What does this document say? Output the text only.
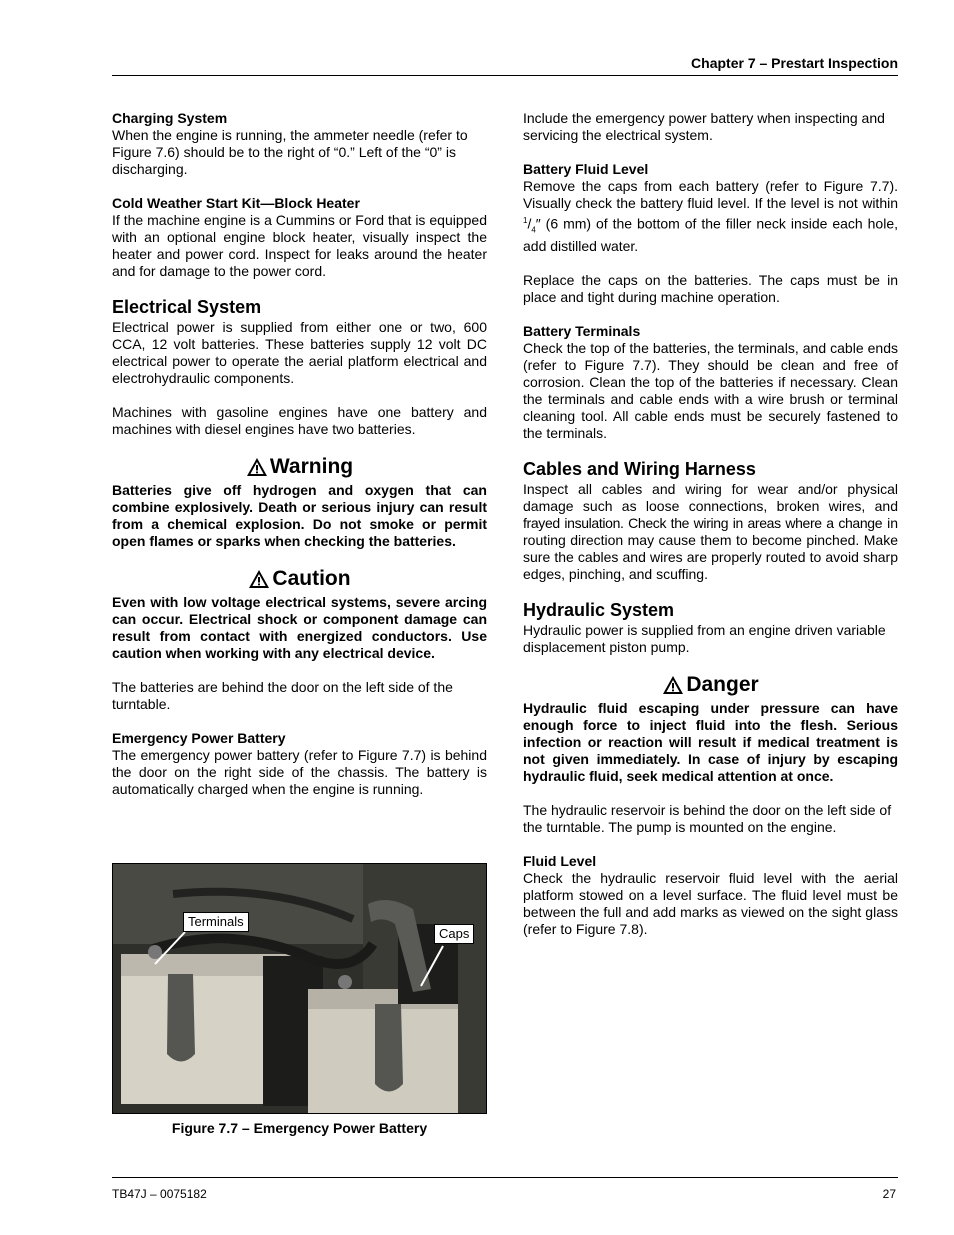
Chapter 7 – Prestart Inspection

Charging System

When the engine is running, the ammeter needle (refer to Figure 7.6) should be to the right of “0.” Left of the “0” is discharging.

Cold Weather Start Kit—Block Heater

If the machine engine is a Cummins or Ford that is equipped with an optional engine block heater, visually inspect the heater and power cord. Inspect for leaks around the heater and for damage to the power cord.

Electrical System

Electrical power is supplied from either one or two, 600 CCA, 12 volt batteries. These batteries supply 12 volt DC electrical power to operate the aerial platform electrical and electrohydraulic components.

Machines with gasoline engines have one battery and machines with diesel engines have two batteries.

Warning

Batteries give off hydrogen and oxygen that can combine explosively. Death or serious injury can result from a chemical explosion. Do not smoke or permit open flames or sparks when checking the batteries.

Caution

Even with low voltage electrical systems, severe arcing can occur. Electrical shock or component damage can result from contact with energized conductors. Use caution when working with any electrical device.

The batteries are behind the door on the left side of the turntable.

Emergency Power Battery

The emergency power battery (refer to Figure 7.7) is behind the door on the right side of the chassis. The battery is automatically charged when the engine is running.

Terminals
Caps
Figure 7.7 – Emergency Power Battery

Include the emergency power battery when inspecting and servicing the electrical system.

Battery Fluid Level

Remove the caps from each battery (refer to Figure 7.7). Visually check the battery fluid level. If the level is not within $^1/_4''$ (6 mm) of the bottom of the filler neck inside each hole, add distilled water.

Replace the caps on the batteries. The caps must be in place and tight during machine operation.

Battery Terminals

Check the top of the batteries, the terminals, and cable ends (refer to Figure 7.7). They should be clean and free of corrosion. Clean the top of the batteries if necessary. Clean the terminals and cable ends with a wire brush or terminal cleaning tool. All cable ends must be securely fastened to the terminals.

Cables and Wiring Harness

Inspect all cables and wiring for wear and/or physical damage such as loose connections, broken wires, and frayed insulation. Check the wiring in areas where a change in routing direction may cause them to become pinched. Make sure the cables and wires are properly routed to avoid sharp edges, pinching, and scuffing.

Hydraulic System

Hydraulic power is supplied from an engine driven variable displacement piston pump.

Danger

Hydraulic fluid escaping under pressure can have enough force to inject fluid into the flesh. Serious infection or reaction will result if medical treatment is not given immediately. In case of injury by escaping hydraulic fluid, seek medical attention at once.

The hydraulic reservoir is behind the door on the left side of the turntable. The pump is mounted on the engine.

Fluid Level

Check the hydraulic reservoir fluid level with the aerial platform stowed on a level surface. The fluid level must be between the full and add marks as viewed on the sight glass (refer to Figure 7.8).

TB47J – 0075182	27
